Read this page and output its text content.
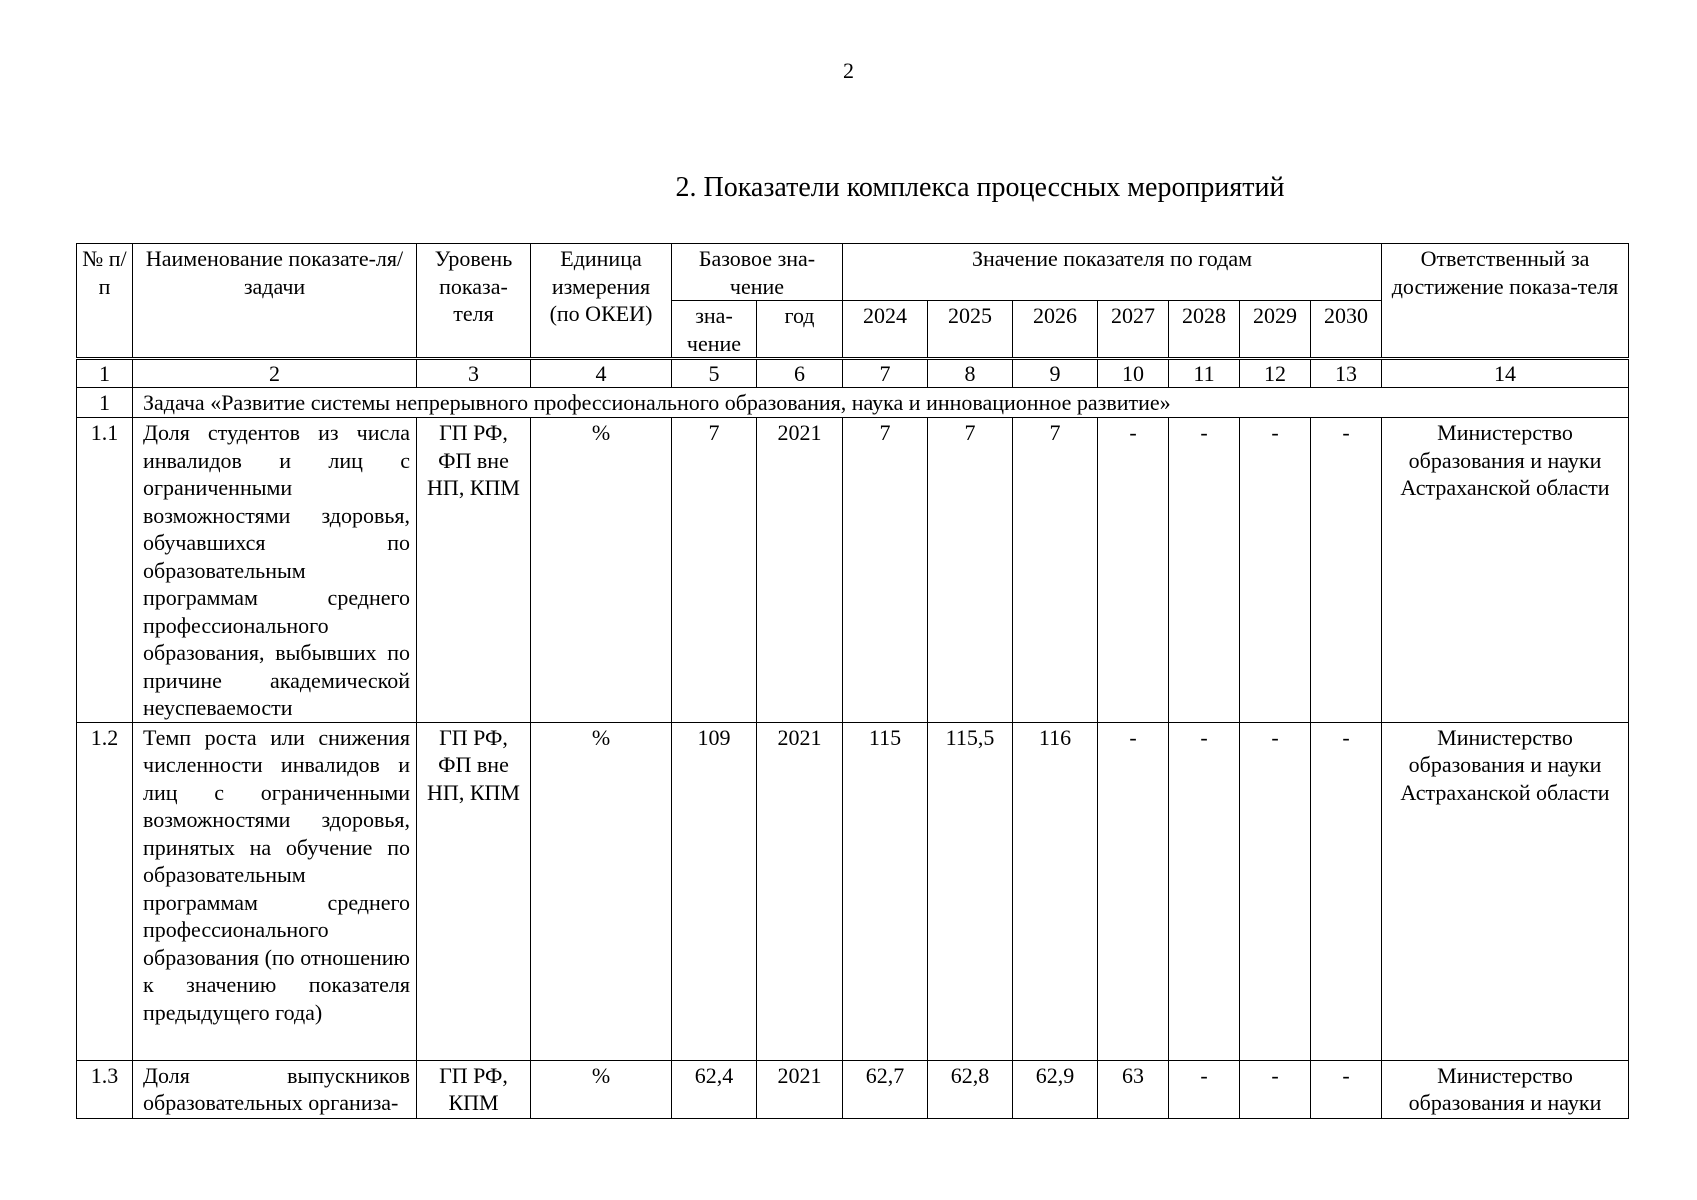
2
2. Показатели комплекса процессных мероприятий
№ п/п	Наименование показате-ля/задачи	Уровень показа-теля	Единица измерения (по ОКЕИ)	Базовое зна-чение		Значение показателя по годам							Ответственный за достижение показа-теля

				зна-чение	год	2024	2025	2026	2027	2028	2029	2030	
1	2	3	4	5	6	7	8	9	10	11	12	13	14
1	Задача «Развитие системы непрерывного профессионального образования, наука и инновационное развитие»												
1.1	Доля студентов из числа инвалидов и лиц с ограниченными возможностями здоровья, обучавшихся по образовательным программам среднего профессионального образования, выбывших по причине академической неуспеваемости	ГП РФ, ФП вне НП, КПМ	%	7	2021	7	7	7	-	-	-	-	Министерство образования и науки Астраханской области
1.2	Темп роста или снижения численности инвалидов и лиц с ограниченными возможностями здоровья, принятых на обучение по образовательным программам среднего профессионального образования (по отношению к значению показателя предыдущего года)	ГП РФ, ФП вне НП, КПМ	%	109	2021	115	115,5	116	-	-	-	-	Министерство образования и науки Астраханской области
1.3	Доля выпускников образовательных организа-	ГП РФ, КПМ	%	62,4	2021	62,7	62,8	62,9	63	-	-	-	Министерство образования и науки
